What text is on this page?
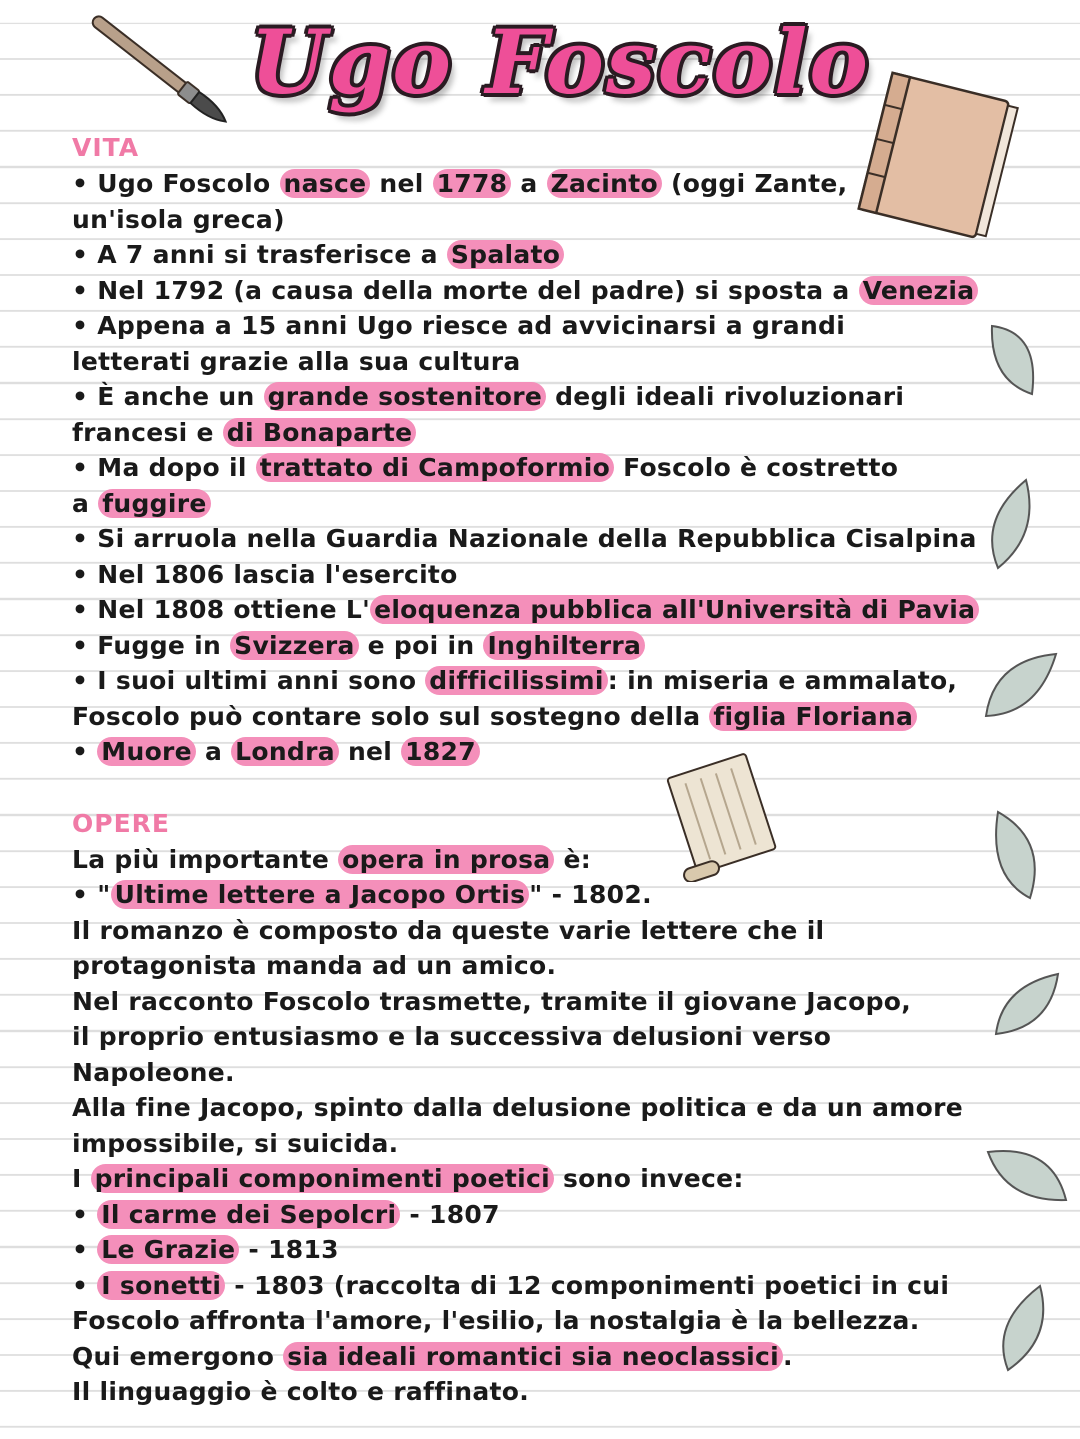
Ugo Foscolo
VITA
• Ugo Foscolo nasce nel 1778 a Zacinto (oggi Zante,
un'isola greca)
• A 7 anni si trasferisce a Spalato
• Nel 1792 (a causa della morte del padre) si sposta a Venezia
• Appena a 15 anni Ugo riesce ad avvicinarsi a grandi
letterati grazie alla sua cultura
• È anche un grande sostenitore degli ideali rivoluzionari
francesi e di Bonaparte
• Ma dopo il trattato di Campoformio Foscolo è costretto
a fuggire
• Si arruola nella Guardia Nazionale della Repubblica Cisalpina
• Nel 1806 lascia l'esercito
• Nel 1808 ottiene L' eloquenza pubblica all'Università di Pavia
• Fugge in Svizzera e poi in Inghilterra
• I suoi ultimi anni sono difficilissimi : in miseria e ammalato,
Foscolo può contare solo sul sostegno della figlia Floriana
• Muore a Londra nel 1827
OPERE
La più importante opera in prosa è:
• " Ultime lettere a Jacopo Ortis " - 1802.
Il romanzo è composto da queste varie lettere che il
protagonista manda ad un amico.
Nel racconto Foscolo trasmette, tramite il giovane Jacopo,
il proprio entusiasmo e la successiva delusioni verso
Napoleone.
Alla fine Jacopo, spinto dalla delusione politica e da un amore
impossibile, si suicida.
I principali componimenti poetici sono invece:
• Il carme dei Sepolcri - 1807
• Le Grazie - 1813
• I sonetti - 1803 (raccolta di 12 componimenti poetici in cui
Foscolo affronta l'amore, l'esilio, la nostalgia è la bellezza.
Qui emergono sia ideali romantici sia neoclassici .
Il linguaggio è colto e raffinato.
